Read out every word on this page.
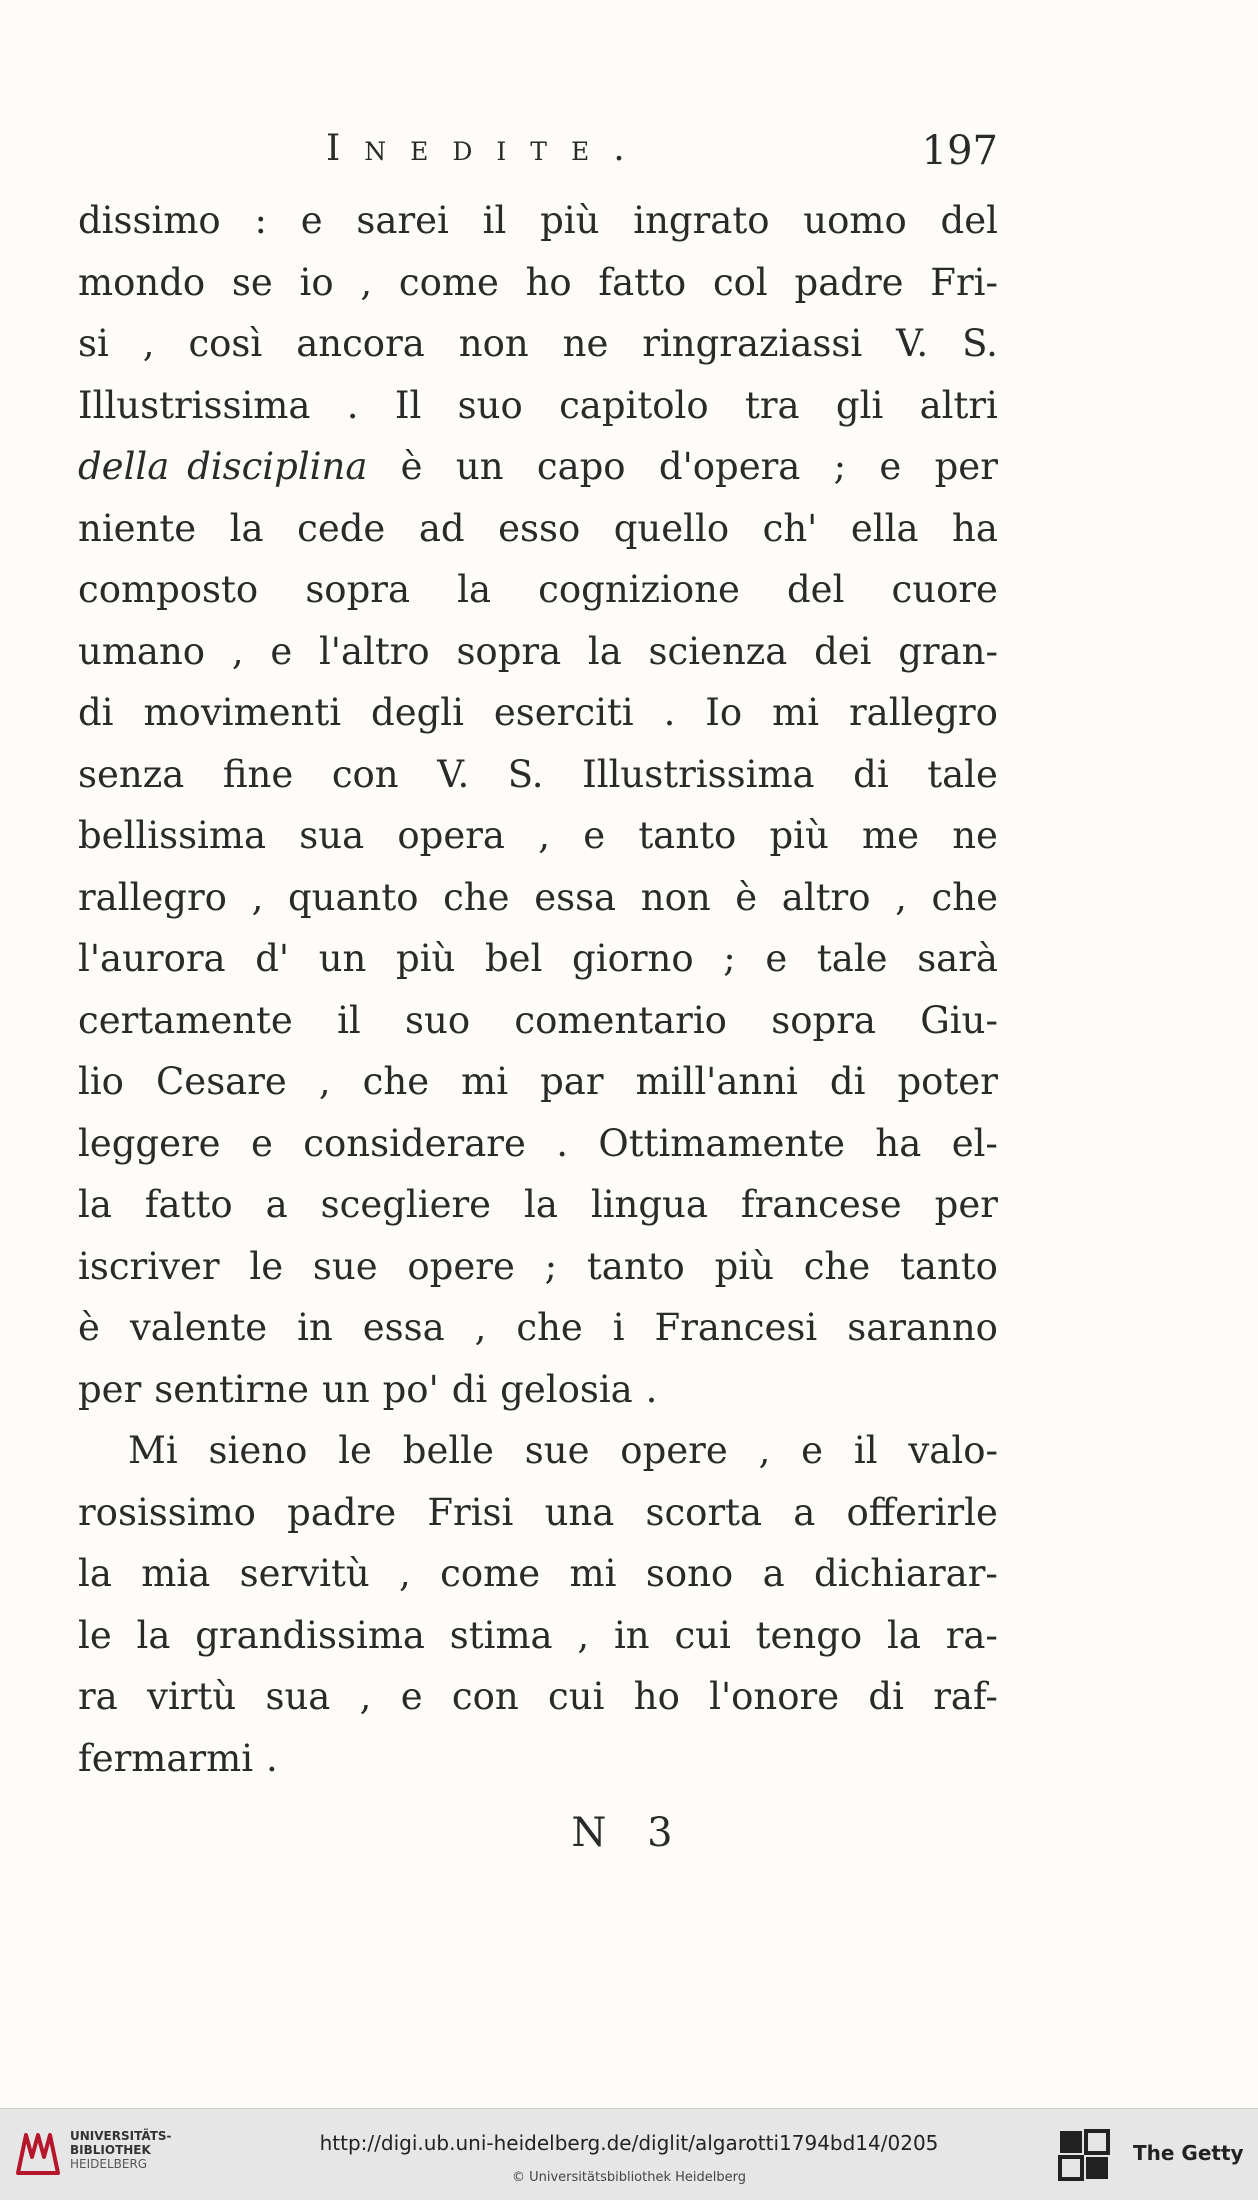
Inedite.	197
dissimo : e sarei il più ingrato uomo del
mondo se io , come ho fatto col padre Fri-
si , così ancora non ne ringraziassi V. S.
Illustrissima . Il suo capitolo tra gli altri
della disciplina è un capo d'opera ; e per
niente la cede ad esso quello ch' ella ha
composto sopra la cognizione del cuore
umano , e l'altro sopra la scienza dei gran-
di movimenti degli eserciti . Io mi rallegro
senza fine con V. S. Illustrissima di tale
bellissima sua opera , e tanto più me ne
rallegro , quanto che essa non è altro , che
l'aurora d' un più bel giorno ; e tale sarà
certamente il suo comentario sopra Giu-
lio Cesare , che mi par mill'anni di poter
leggere e considerare . Ottimamente ha el-
la fatto a scegliere la lingua francese per
iscriver le sue opere ; tanto più che tanto
è valente in essa , che i Francesi saranno
per sentirne un po' di gelosia .
Mi sieno le belle sue opere , e il valo-
rosissimo padre Frisi una scorta a offerirle
la mia servitù , come mi sono a dichiarar-
le la grandissima stima , in cui tengo la ra-
ra virtù sua , e con cui ho l'onore di raf-
fermarmi .
N 3
UNIVERSITÄTS-
BIBLIOTHEK
HEIDELBERG
http://digi.ub.uni-heidelberg.de/diglit/algarotti1794bd14/0205
© Universitätsbibliothek Heidelberg
The Getty
